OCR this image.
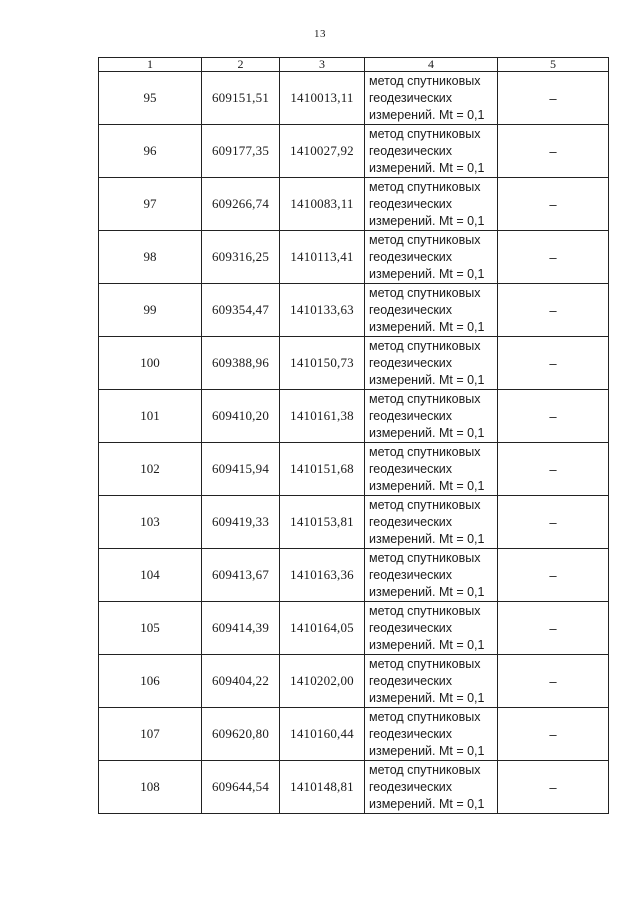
13
1	2	3	4	5
95	609151,51	1410013,11	метод спутниковых
геодезических
измерений. Mt = 0,1	–
96	609177,35	1410027,92	метод спутниковых
геодезических
измерений. Mt = 0,1	–
97	609266,74	1410083,11	метод спутниковых
геодезических
измерений. Mt = 0,1	–
98	609316,25	1410113,41	метод спутниковых
геодезических
измерений. Mt = 0,1	–
99	609354,47	1410133,63	метод спутниковых
геодезических
измерений. Mt = 0,1	–
100	609388,96	1410150,73	метод спутниковых
геодезических
измерений. Mt = 0,1	–
101	609410,20	1410161,38	метод спутниковых
геодезических
измерений. Mt = 0,1	–
102	609415,94	1410151,68	метод спутниковых
геодезических
измерений. Mt = 0,1	–
103	609419,33	1410153,81	метод спутниковых
геодезических
измерений. Mt = 0,1	–
104	609413,67	1410163,36	метод спутниковых
геодезических
измерений. Mt = 0,1	–
105	609414,39	1410164,05	метод спутниковых
геодезических
измерений. Mt = 0,1	–
106	609404,22	1410202,00	метод спутниковых
геодезических
измерений. Mt = 0,1	–
107	609620,80	1410160,44	метод спутниковых
геодезических
измерений. Mt = 0,1	–
108	609644,54	1410148,81	метод спутниковых
геодезических
измерений. Mt = 0,1	–
